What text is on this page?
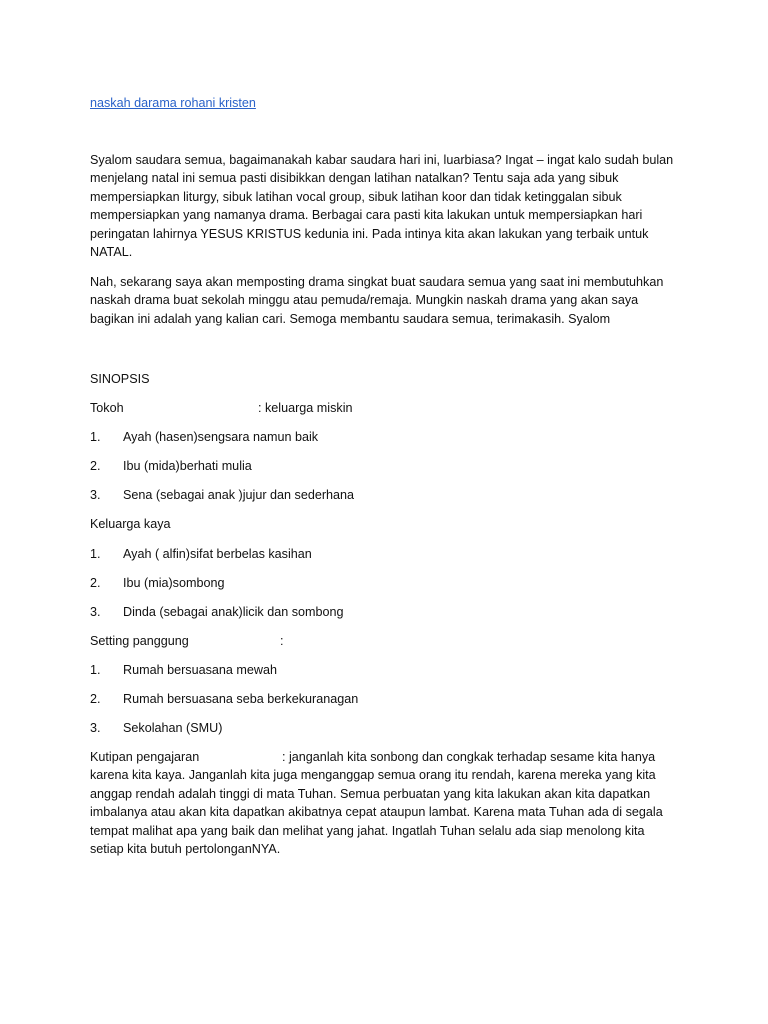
naskah darama rohani kristen

Syalom saudara semua, bagaimanakah kabar saudara hari ini, luarbiasa? Ingat – ingat kalo sudah bulan menjelang natal ini semua pasti disibikkan dengan latihan natalkan? Tentu saja ada yang sibuk mempersiapkan liturgy, sibuk latihan vocal group, sibuk latihan koor dan tidak ketinggalan sibuk mempersiapkan yang namanya drama. Berbagai cara pasti kita lakukan untuk mempersiapkan hari peringatan lahirnya YESUS KRISTUS kedunia ini. Pada intinya kita akan lakukan yang terbaik untuk NATAL.

Nah, sekarang saya akan memposting drama singkat buat saudara semua yang saat ini membutuhkan naskah drama buat sekolah minggu atau pemuda/remaja. Mungkin naskah drama yang akan saya bagikan ini adalah yang kalian cari. Semoga membantu saudara semua, terimakasih. Syalom

SINOPSIS
Tokoh	: keluarga miskin
1. Ayah (hasen)sengsara namun baik
2. Ibu (mida)berhati mulia
3. Sena (sebagai anak )jujur dan sederhana
Keluarga kaya
1. Ayah ( alfin)sifat berbelas kasihan
2. Ibu (mia)sombong
3. Dinda (sebagai anak)licik dan sombong
Setting panggung	:
1. Rumah bersuasana mewah
2. Rumah bersuasana seba berkekuranagan
3. Sekolahan (SMU)

Kutipan pengajaran	: janganlah kita sonbong dan congkak terhadap sesame kita hanya karena kita kaya. Janganlah kita juga menganggap semua orang itu rendah, karena mereka yang kita anggap rendah adalah tinggi di mata Tuhan. Semua perbuatan yang kita lakukan akan kita dapatkan imbalanya atau akan kita dapatkan akibatnya cepat ataupun lambat. Karena mata Tuhan ada di segala tempat malihat apa yang baik dan melihat yang jahat. Ingatlah Tuhan selalu ada siap menolong kita setiap kita butuh pertolonganNYA.
